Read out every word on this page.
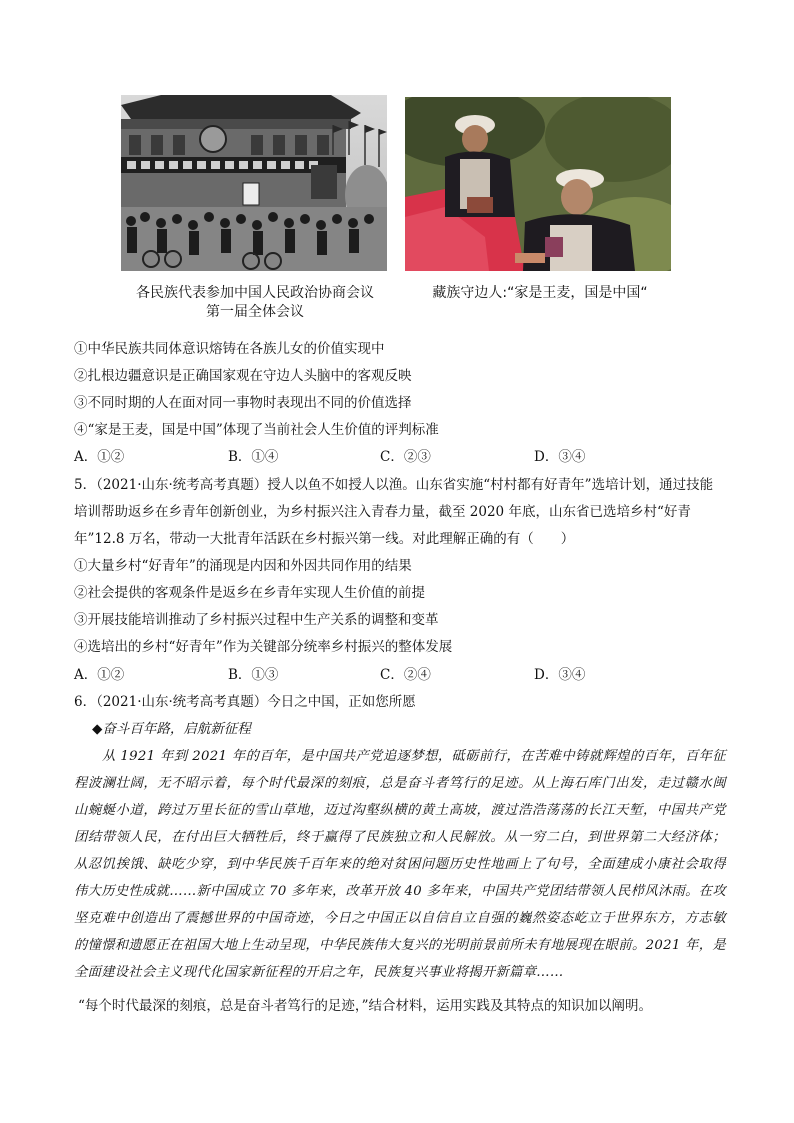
各民族代表参加中国人民政治协商会议
第一届全体会议
藏族守边人:“家是王麦，国是中国“
①中华民族共同体意识熔铸在各族儿女的价值实现中
②扎根边疆意识是正确国家观在守边人头脑中的客观反映
③不同时期的人在面对同一事物时表现出不同的价值选择
④“家是王麦，国是中国”体现了当前社会人生价值的评判标准
A．①②	B．①④	C．②③	D．③④
5．（2021·山东·统考高考真题）授人以鱼不如授人以渔。山东省实施“村村都有好青年”选培计划，通过技能
培训帮助返乡在乡青年创新创业，为乡村振兴注入青春力量，截至 2020 年底，山东省已选培乡村“好青
年”12.8 万名，带动一大批青年活跃在乡村振兴第一线。对此理解正确的有（　　）
①大量乡村“好青年”的涌现是内因和外因共同作用的结果
②社会提供的客观条件是返乡在乡青年实现人生价值的前提
③开展技能培训推动了乡村振兴过程中生产关系的调整和变革
④选培出的乡村“好青年”作为关键部分统率乡村振兴的整体发展
A．①②	B．①③	C．②④	D．③④
6．（2021·山东·统考高考真题）今日之中国，正如您所愿
◆奋斗百年路，启航新征程
从 1921 年到 2021 年的百年，是中国共产党追逐梦想，砥砺前行，在苦难中铸就辉煌的百年，百年征程波澜壮阔，无不昭示着，每个时代最深的刻痕，总是奋斗者笃行的足迹。从上海石库门出发，走过赣水闽山蜿蜒小道，跨过万里长征的雪山草地，迈过沟壑纵横的黄土高坡，渡过浩浩荡荡的长江天堑，中国共产党团结带领人民，在付出巨大牺牲后，终于赢得了民族独立和人民解放。从一穷二白，到世界第二大经济体；从忍饥挨饿、缺吃少穿，到中华民族千百年来的绝对贫困问题历史性地画上了句号，全面建成小康社会取得伟大历史性成就……新中国成立 70 多年来，改革开放 40 多年来，中国共产党团结带领人民栉风沐雨。在攻坚克难中创造出了震撼世界的中国奇迹，今日之中国正以自信自立自强的巍然姿态屹立于世界东方，方志敏的憧憬和遗愿正在祖国大地上生动呈现，中华民族伟大复兴的光明前景前所未有地展现在眼前。2021 年，是全面建设社会主义现代化国家新征程的开启之年，民族复兴事业将揭开新篇章……
“每个时代最深的刻痕，总是奋斗者笃行的足迹，”结合材料，运用实践及其特点的知识加以阐明。
